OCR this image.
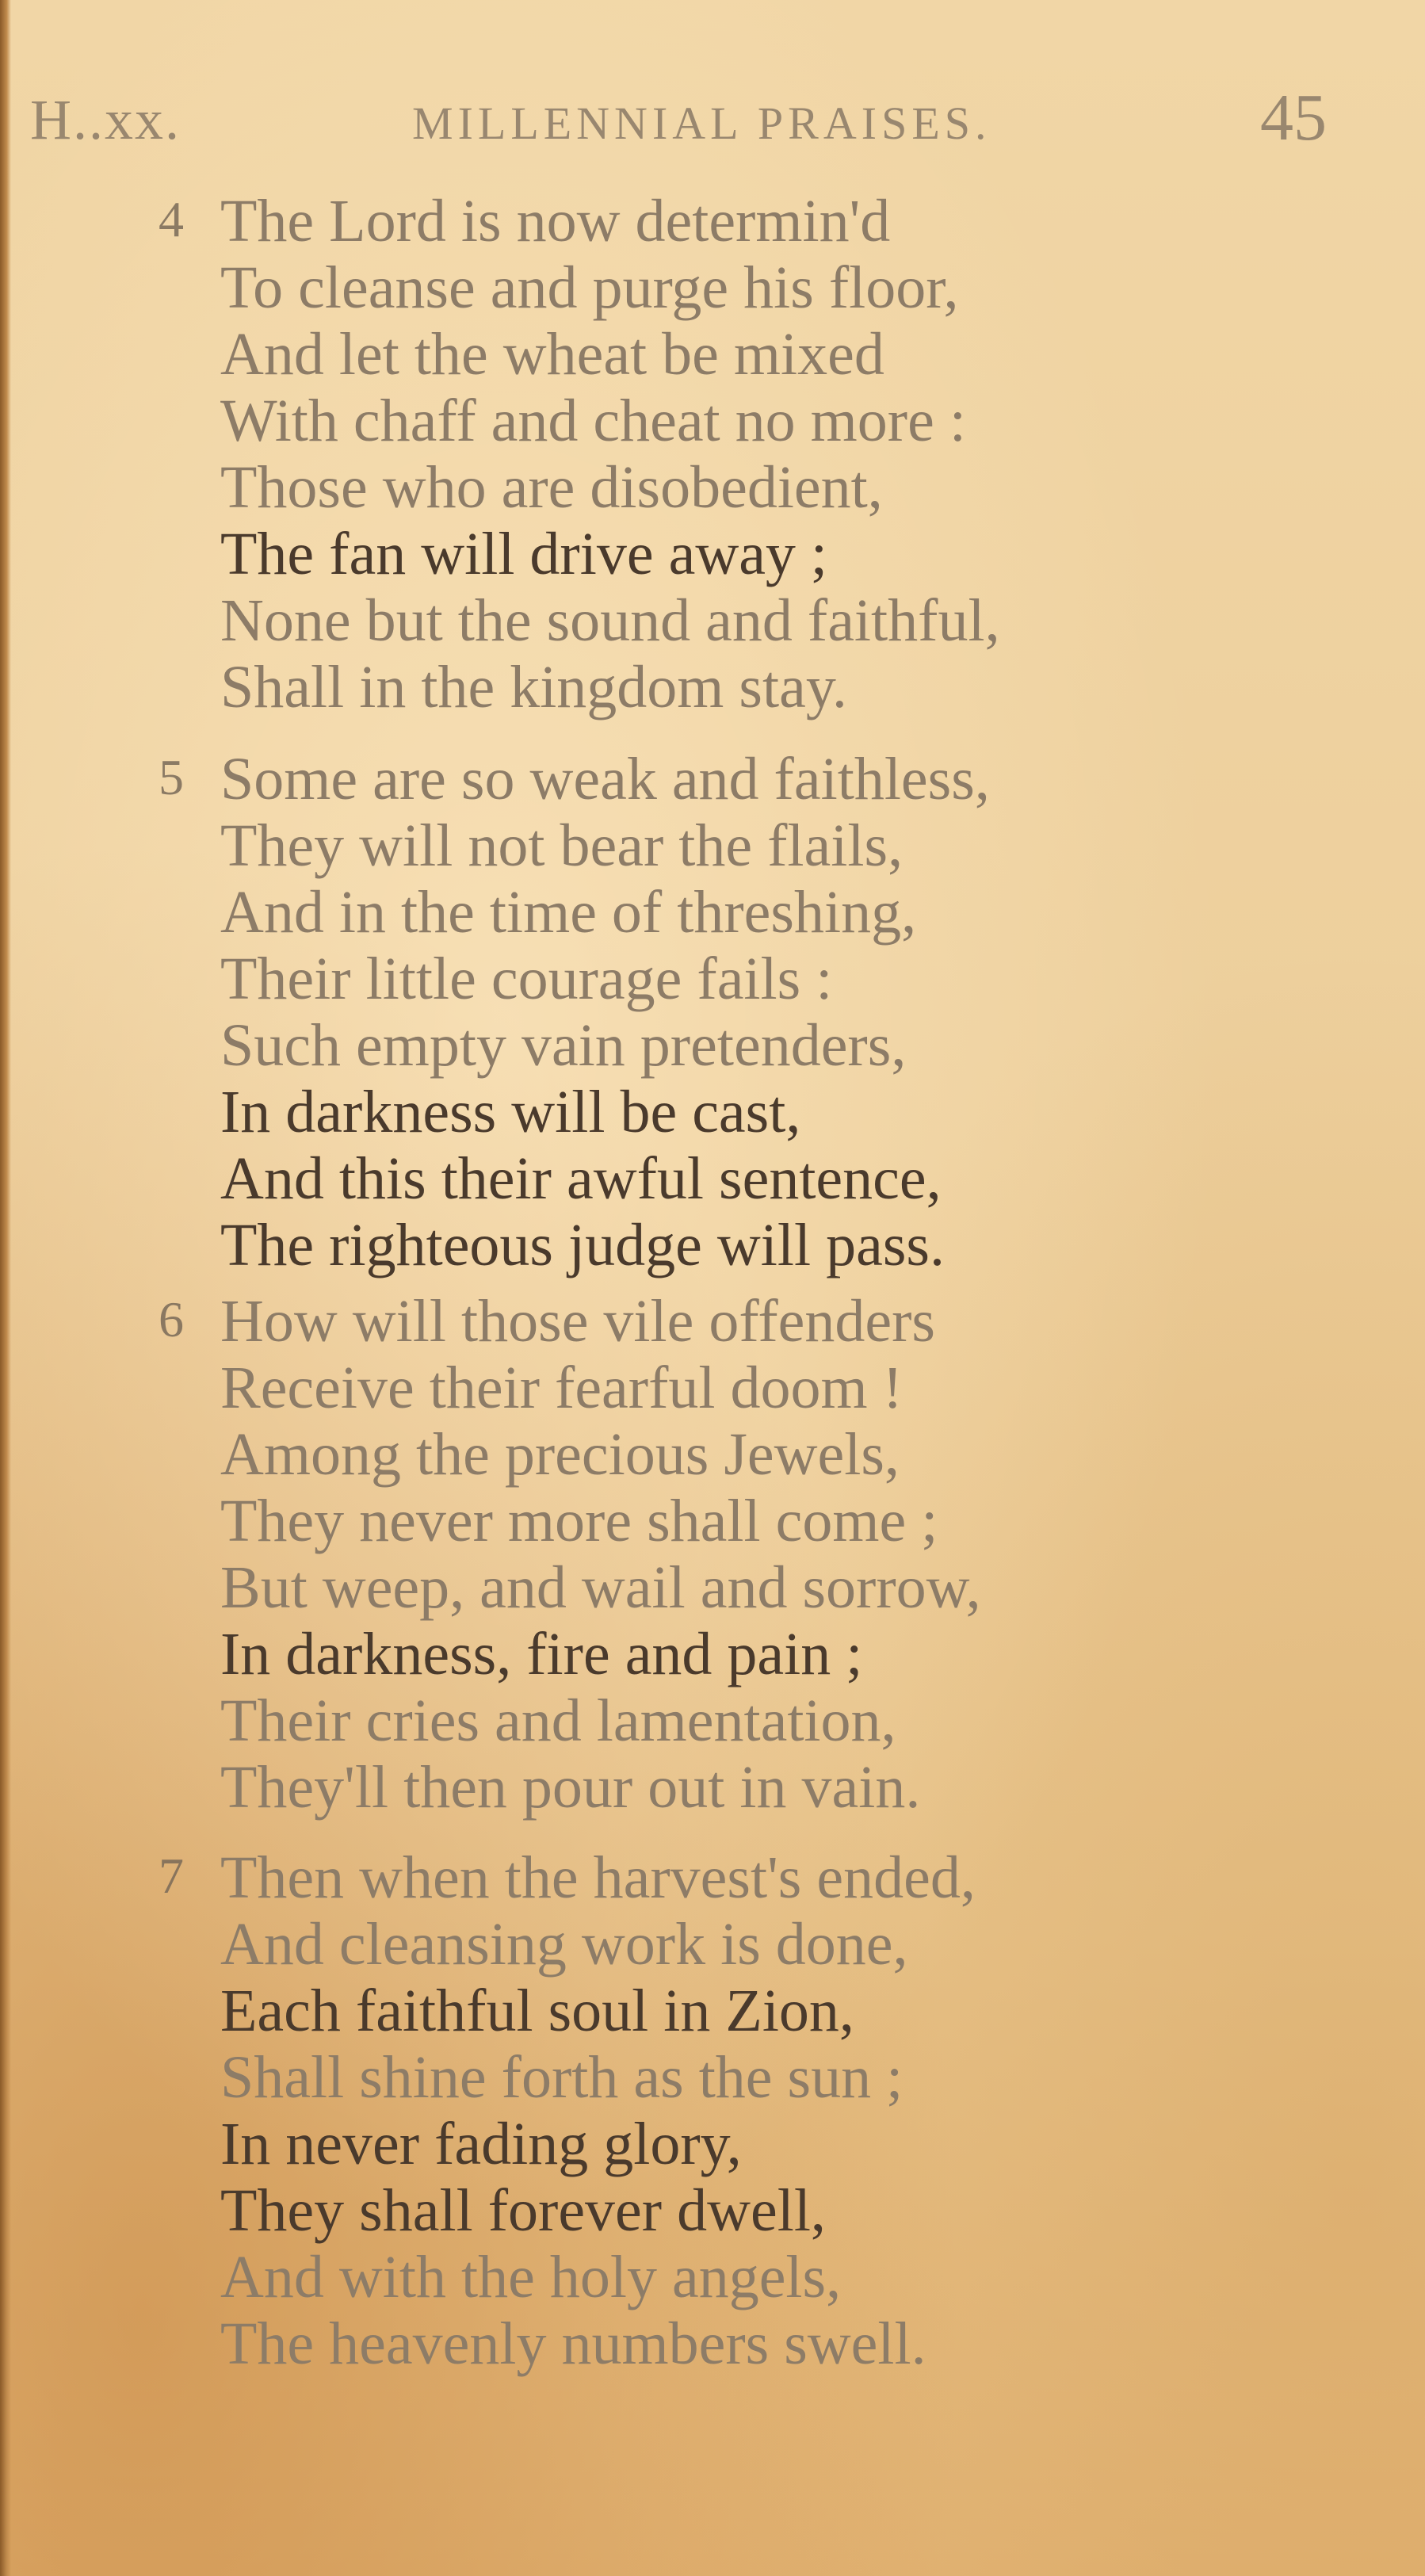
H..xx.	MILLENNIAL PRAISES.	45
4 The Lord is now determin'd
To cleanse and purge his floor,
And let the wheat be mixed
With chaff and cheat no more :
Those who are disobedient,
The fan will drive away ;
None but the sound and faithful,
Shall in the kingdom stay.
5 Some are so weak and faithless,
They will not bear the flails,
And in the time of threshing,
Their little courage fails :
Such empty vain pretenders,
In darkness will be cast,
And this their awful sentence,
The righteous judge will pass.
6 How will those vile offenders
Receive their fearful doom !
Among the precious Jewels,
They never more shall come ;
But weep, and wail and sorrow,
In darkness, fire and pain ;
Their cries and lamentation,
They'll then pour out in vain.
7 Then when the harvest's ended,
And cleansing work is done,
Each faithful soul in Zion,
Shall shine forth as the sun ;
In never fading glory,
They shall forever dwell,
And with the holy angels,
The heavenly numbers swell.
